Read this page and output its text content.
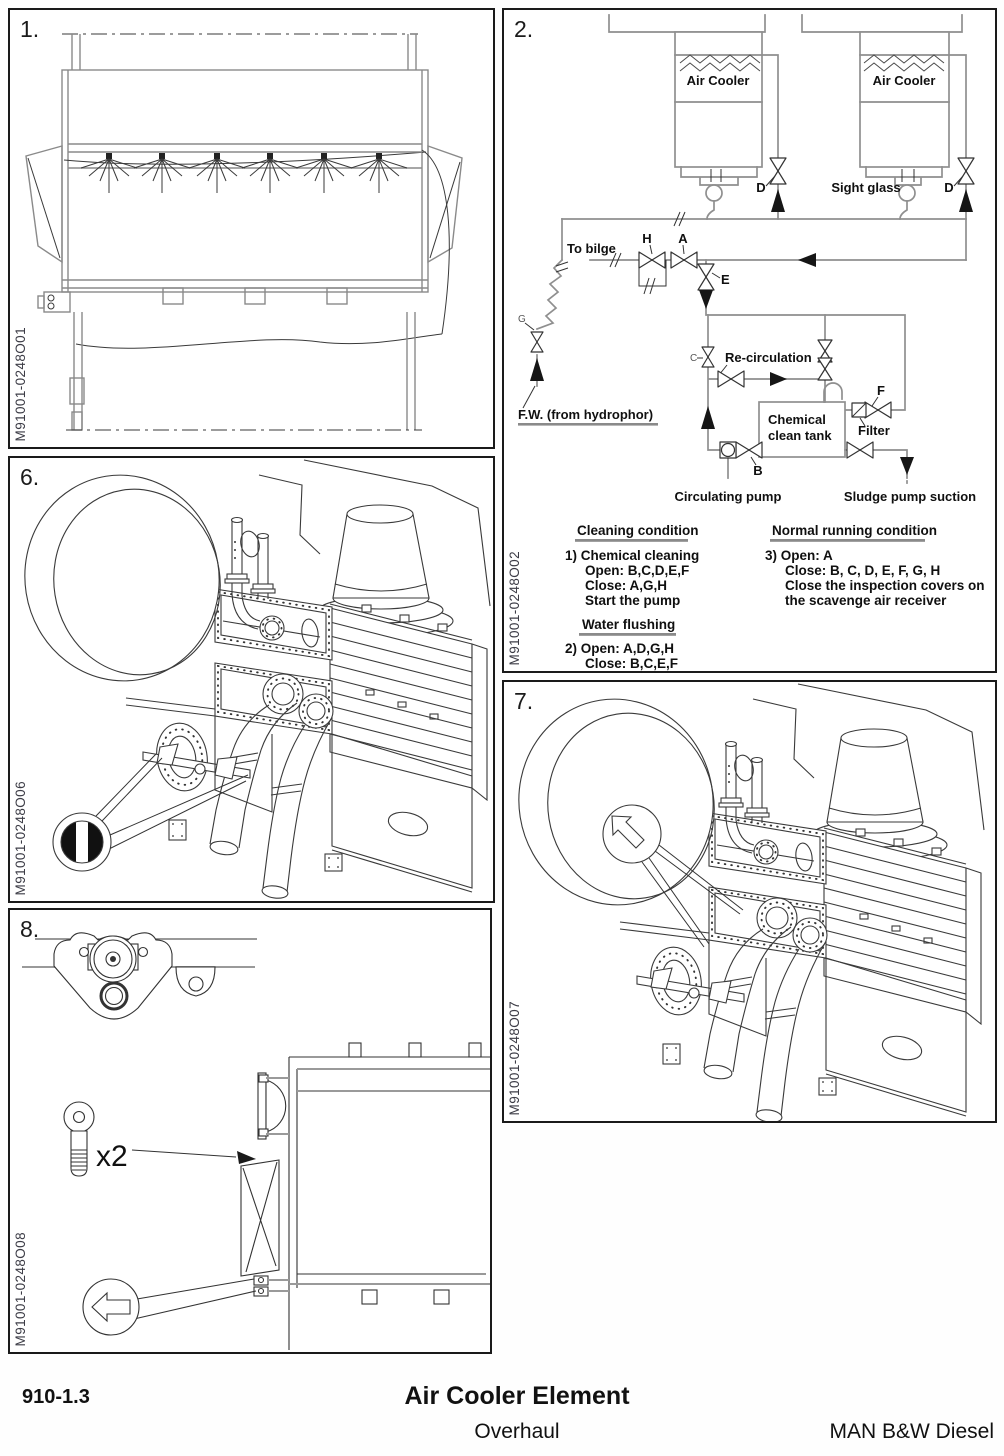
1.
M91001-0248O01
Air Cooler	Air Cooler
Sight glass
D	D
To bilge
H A
E
G
C
F.W. (from hydrophor)
Re-circulation
Chemical
clean tank
F
Filter
B
Circulating pump	Sludge pump suction
Cleaning condition
1) Chemical cleaning
Open: B,C,D,E,F
Close: A,G,H
Start the pump
Water flushing
2) Open: A,D,G,H
Close: B,C,E,F
Normal running condition
3) Open: A
Close: B, C, D, E, F, G, H
Close the inspection covers on
the scavenge air receiver
2.
M91001-0248O02
6.
M91001-0248O06
7.
M91001-0248O07
x2
8.
M91001-0248O08
910-1.3	Air Cooler Element
Overhaul	MAN B&W Diesel
